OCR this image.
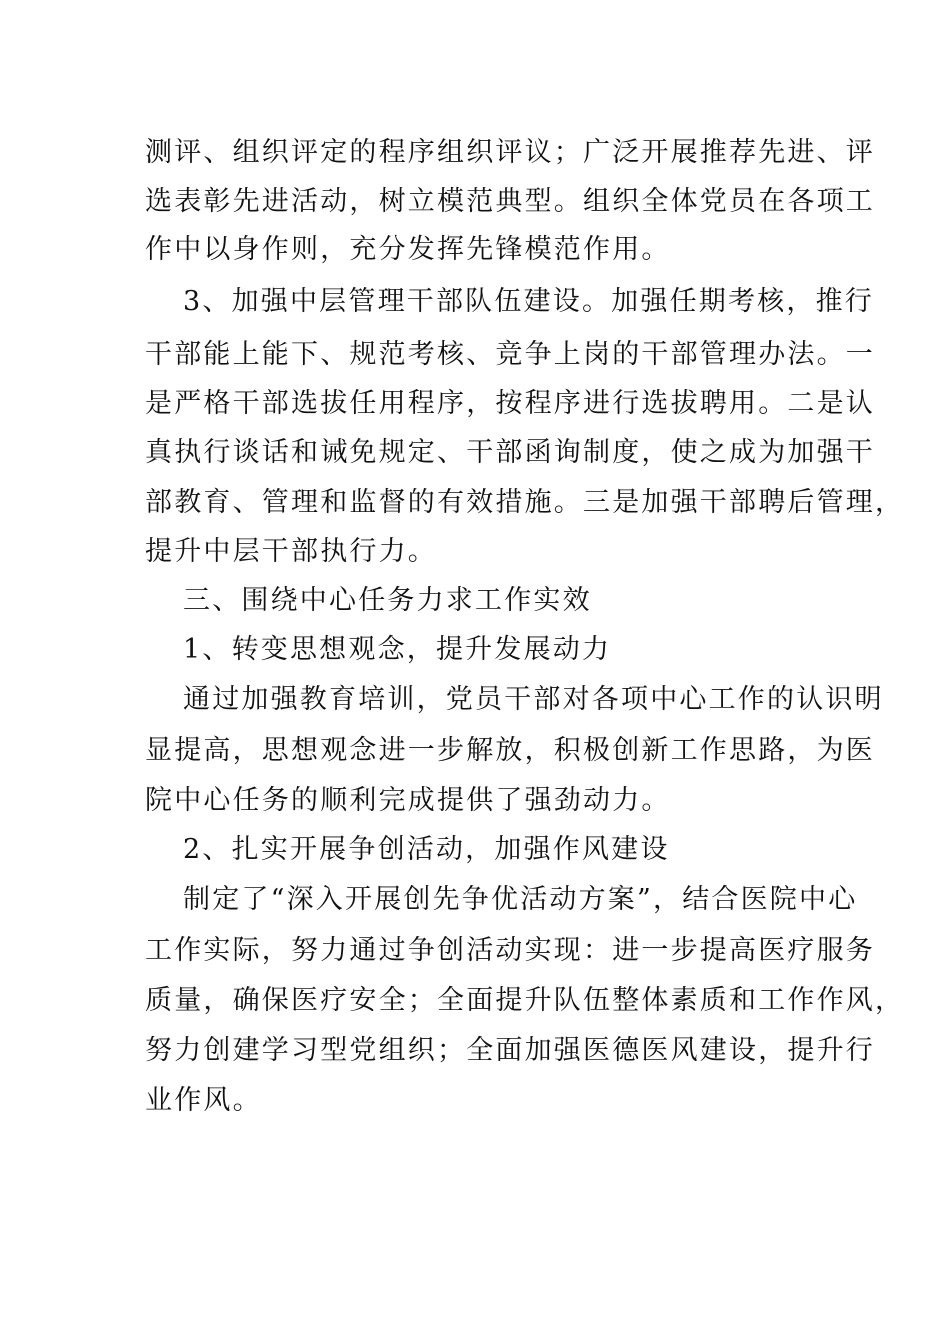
测评、组织评定的程序组织评议；广泛开展推荐先进、评
选表彰先进活动，树立模范典型。组织全体党员在各项工
作中以身作则，充分发挥先锋模范作用。
3、加强中层管理干部队伍建设。加强任期考核，推行
干部能上能下、规范考核、竞争上岗的干部管理办法。一
是严格干部选拔任用程序，按程序进行选拔聘用。二是认
真执行谈话和诫免规定、干部函询制度，使之成为加强干
部教育、管理和监督的有效措施。三是加强干部聘后管理，
提升中层干部执行力。
三、围绕中心任务力求工作实效
1、转变思想观念，提升发展动力
通过加强教育培训，党员干部对各项中心工作的认识明
显提高，思想观念进一步解放，积极创新工作思路，为医
院中心任务的顺利完成提供了强劲动力。
2、扎实开展争创活动，加强作风建设
制定了“深入开展创先争优活动方案”，结合医院中心
工作实际，努力通过争创活动实现：进一步提高医疗服务
质量，确保医疗安全；全面提升队伍整体素质和工作作风，
努力创建学习型党组织；全面加强医德医风建设，提升行
业作风。
